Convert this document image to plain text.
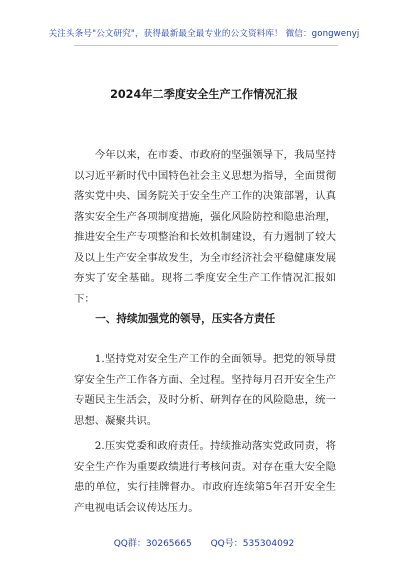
关注头条号"公文研究"，获得最新最全最专业的公文资料库！ 微信：gongwenyj
2024年二季度安全生产工作情况汇报

今年以来，在市委、市政府的坚强领导下，我局坚持以习近平新时代中国特色社会主义思想为指导，全面贯彻落实党中央、国务院关于安全生产工作的决策部署，认真落实安全生产各项制度措施，强化风险防控和隐患治理，推进安全生产专项整治和长效机制建设，有力遏制了较大及以上生产安全事故发生，为全市经济社会平稳健康发展夯实了安全基础。现将二季度安全生产工作情况汇报如下：

一、持续加强党的领导，压实各方责任

1.坚持党对安全生产工作的全面领导。把党的领导贯穿安全生产工作各方面、全过程。坚持每月召开安全生产专题民主生活会，及时分析、研判存在的风险隐患，统一思想、凝聚共识。

2.压实党委和政府责任。持续推动落实党政同责，将安全生产作为重要政绩进行考核问责。对存在重大安全隐患的单位，实行挂牌督办。市政府连续第5年召开安全生产电视电话会议传达压力。

QQ群：30265665 QQ号：535304092
